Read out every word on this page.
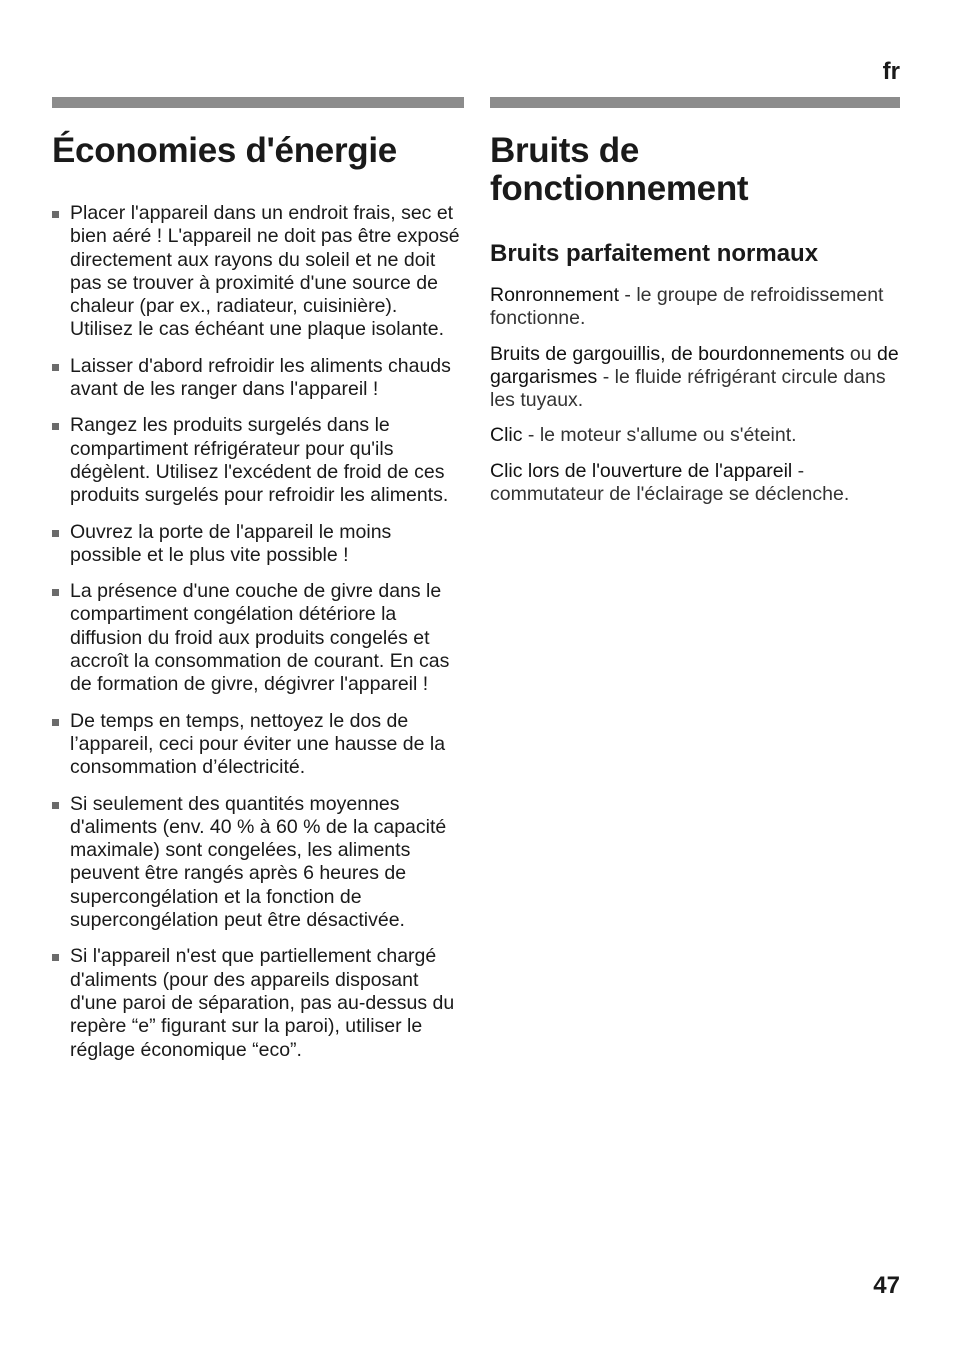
fr
Économies d'énergie
Placer l'appareil dans un endroit frais, sec et bien aéré ! L'appareil ne doit pas être exposé directement aux rayons du soleil et ne doit pas se trouver à proximité d'une source de chaleur (par ex., radiateur, cuisinière). Utilisez le cas échéant une plaque isolante.
Laisser d'abord refroidir les aliments chauds avant de les ranger dans l'appareil !
Rangez les produits surgelés dans le compartiment réfrigérateur pour qu'ils dégèlent. Utilisez l'excédent de froid de ces produits surgelés pour refroidir les aliments.
Ouvrez la porte de l'appareil le moins possible et le plus vite possible !
La présence d'une couche de givre dans le compartiment congélation détériore la diffusion du froid aux produits congelés et accroît la consommation de courant. En cas de formation de givre, dégivrer l'appareil !
De temps en temps, nettoyez le dos de l’appareil, ceci pour éviter une hausse de la consommation d’électricité.
Si seulement des quantités moyennes d'aliments (env. 40 % à 60 % de la capacité maximale) sont congelées, les aliments peuvent être rangés après 6 heures de supercongélation et la fonction de supercongélation peut être désactivée.
Si l'appareil n'est que partiellement chargé d'aliments (pour des appareils disposant d'une paroi de séparation, pas au-dessus du repère “e” figurant sur la paroi), utiliser le réglage économique “eco”.
Bruits de fonctionnement
Bruits parfaitement normaux

Ronronnement - le groupe de refroidissement fonctionne.

Bruits de gargouillis, de bourdonnements ou de gargarismes - le fluide réfrigérant circule dans les tuyaux.

Clic - le moteur s'allume ou s'éteint.

Clic lors de l'ouverture de l'appareil - commutateur de l'éclairage se déclenche.

47
